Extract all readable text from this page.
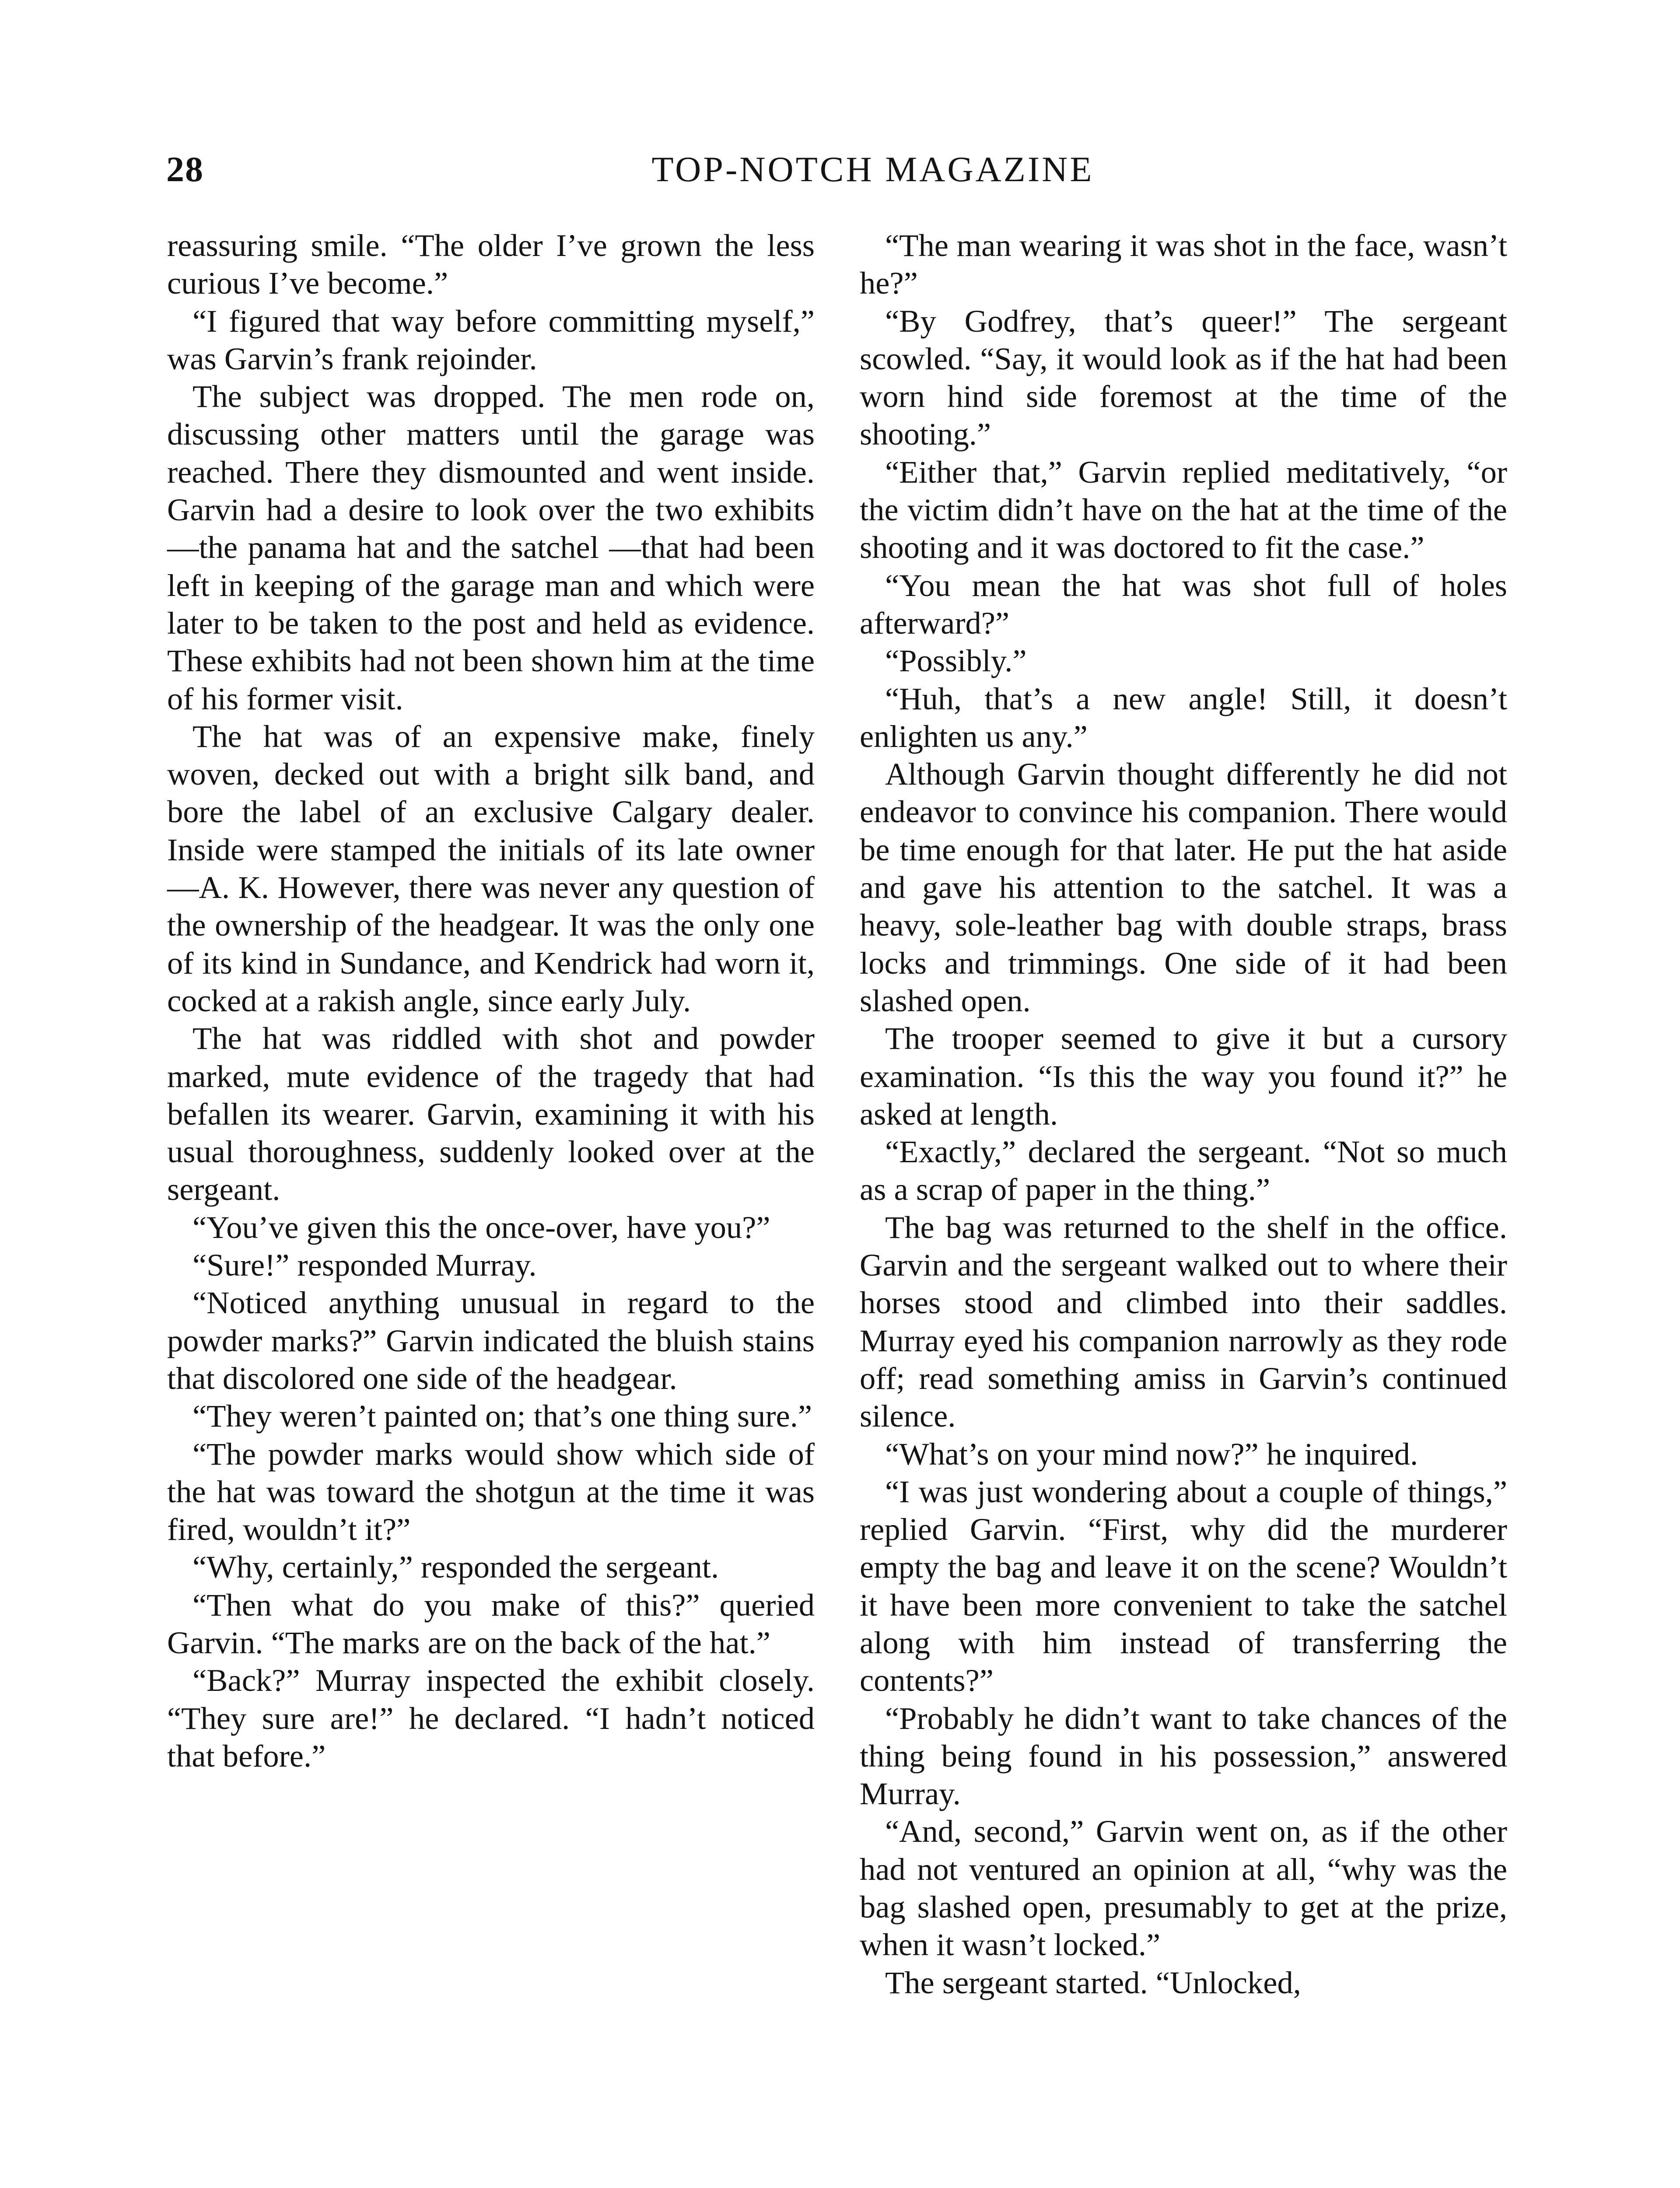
28	TOP-NOTCH MAGAZINE

reassuring smile. “The older I’ve grown the less curious I’ve become.”

“I figured that way before committing myself,” was Garvin’s frank rejoinder.

The subject was dropped. The men rode on, discussing other matters until the garage was reached. There they dismounted and went inside. Garvin had a desire to look over the two exhibits—the panama hat and the satchel —that had been left in keeping of the garage man and which were later to be taken to the post and held as evidence. These exhibits had not been shown him at the time of his former visit.

The hat was of an expensive make, finely woven, decked out with a bright silk band, and bore the label of an exclusive Calgary dealer. Inside were stamped the initials of its late owner —A. K. However, there was never any question of the ownership of the headgear. It was the only one of its kind in Sundance, and Kendrick had worn it, cocked at a rakish angle, since early July.

The hat was riddled with shot and powder marked, mute evidence of the tragedy that had befallen its wearer. Garvin, examining it with his usual thoroughness, suddenly looked over at the sergeant.

“You’ve given this the once-over, have you?”

“Sure!” responded Murray.

“Noticed anything unusual in regard to the powder marks?” Garvin indicated the bluish stains that discolored one side of the headgear.

“They weren’t painted on; that’s one thing sure.”

“The powder marks would show which side of the hat was toward the shotgun at the time it was fired, wouldn’t it?”

“Why, certainly,” responded the sergeant.

“Then what do you make of this?” queried Garvin. “The marks are on the back of the hat.”

“Back?” Murray inspected the exhibit closely. “They sure are!” he declared. “I hadn’t noticed that before.”

“The man wearing it was shot in the face, wasn’t he?”

“By Godfrey, that’s queer!” The sergeant scowled. “Say, it would look as if the hat had been worn hind side foremost at the time of the shooting.”

“Either that,” Garvin replied meditatively, “or the victim didn’t have on the hat at the time of the shooting and it was doctored to fit the case.”

“You mean the hat was shot full of holes afterward?”

“Possibly.”

“Huh, that’s a new angle! Still, it doesn’t enlighten us any.”

Although Garvin thought differently he did not endeavor to convince his companion. There would be time enough for that later. He put the hat aside and gave his attention to the satchel. It was a heavy, sole-leather bag with double straps, brass locks and trimmings. One side of it had been slashed open.

The trooper seemed to give it but a cursory examination. “Is this the way you found it?” he asked at length.

“Exactly,” declared the sergeant. “Not so much as a scrap of paper in the thing.”

The bag was returned to the shelf in the office. Garvin and the sergeant walked out to where their horses stood and climbed into their saddles. Murray eyed his companion narrowly as they rode off; read something amiss in Garvin’s continued silence.

“What’s on your mind now?” he inquired.

“I was just wondering about a couple of things,” replied Garvin. “First, why did the murderer empty the bag and leave it on the scene? Wouldn’t it have been more convenient to take the satchel along with him instead of transferring the contents?”

“Probably he didn’t want to take chances of the thing being found in his possession,” answered Murray.

“And, second,” Garvin went on, as if the other had not ventured an opinion at all, “why was the bag slashed open, presumably to get at the prize, when it wasn’t locked.”

The sergeant started. “Unlocked,
